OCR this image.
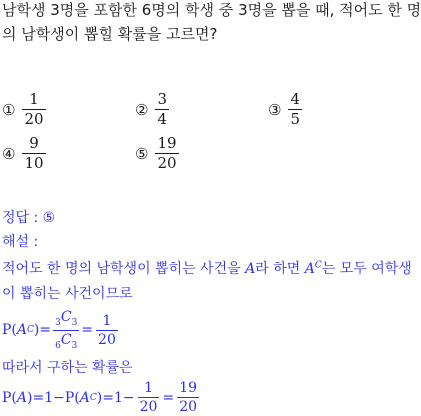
남학생 3명을 포함한 6명의 학생 중 3명을 뽑을 때, 적어도 한 명
의 남학생이 뽑힐 확률을 고르면?
① $\frac{1}{20}$	② $\frac{3}{4}$	③ $\frac{4}{5}$
④ $\frac{9}{10}$	⑤ $\frac{19}{20}$
정답 : ⑤
해설 :
적어도 한 명의 남학생이 뽑히는 사건을 A라 하면 $A^C$는 모두 여학생
이 뽑히는 사건이므로
P ( A C )= $\frac{_3C_3}{_6C_3} = \frac{1}{20}$
따라서 구하는 확률은
P ( A )= 1 − P ( A C )= $1 - \frac{1}{20} = \frac{19}{20}$
